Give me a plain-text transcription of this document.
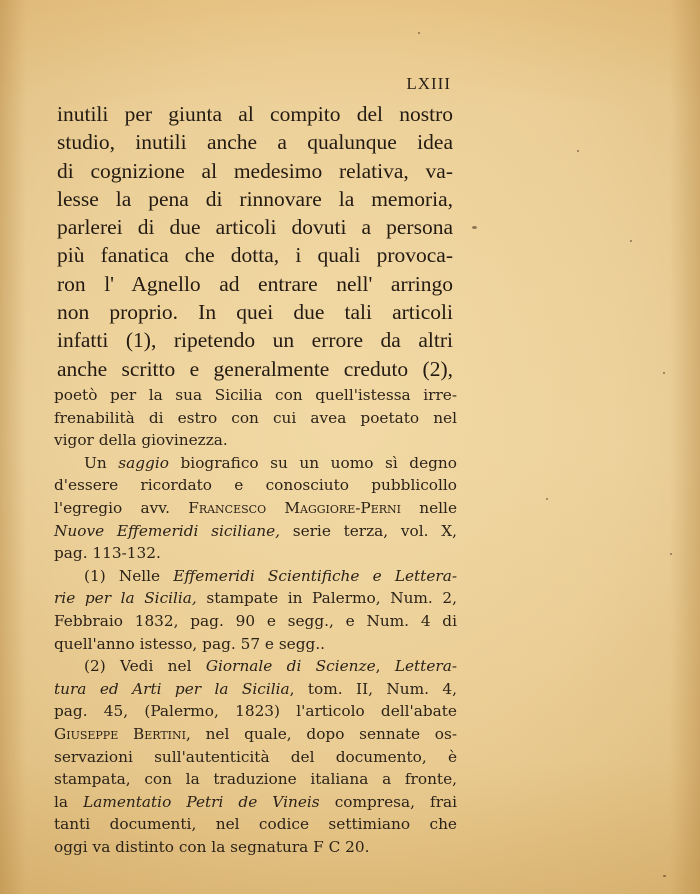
LXIII
inutili per giunta al compito del nostro
studio, inutili anche a qualunque idea
di cognizione al medesimo relativa, va-
lesse la pena di rinnovare la memoria,
parlerei di due articoli dovuti a persona
più fanatica che dotta, i quali provoca-
ron l' Agnello ad entrare nell' arringo
non proprio. In quei due tali articoli
infatti (1), ripetendo un errore da altri
anche scritto e generalmente creduto (2),
poetò per la sua Sicilia con quell'istessa irre-
frenabilità di estro con cui avea poetato nel
vigor della giovinezza.
Un saggio biografico su un uomo sì degno
d'essere ricordato e conosciuto pubblicollo
l'egregio avv. Francesco Maggiore-Perni nelle
Nuove Effemeridi siciliane, serie terza, vol. X,
pag. 113-132.
(1) Nelle Effemeridi Scientifiche e Lettera-
rie per la Sicilia, stampate in Palermo, Num. 2,
Febbraio 1832, pag. 90 e segg., e Num. 4 di
quell'anno istesso, pag. 57 e segg..
(2) Vedi nel Giornale di Scienze, Lettera-
tura ed Arti per la Sicilia, tom. II, Num. 4,
pag. 45, (Palermo, 1823) l'articolo dell'abate
Giuseppe Bertini, nel quale, dopo sennate os-
servazioni sull'autenticità del documento, è
stampata, con la traduzione italiana a fronte,
la Lamentatio Petri de Vineis compresa, frai
tanti documenti, nel codice settimiano che
oggi va distinto con la segnatura F C 20.
